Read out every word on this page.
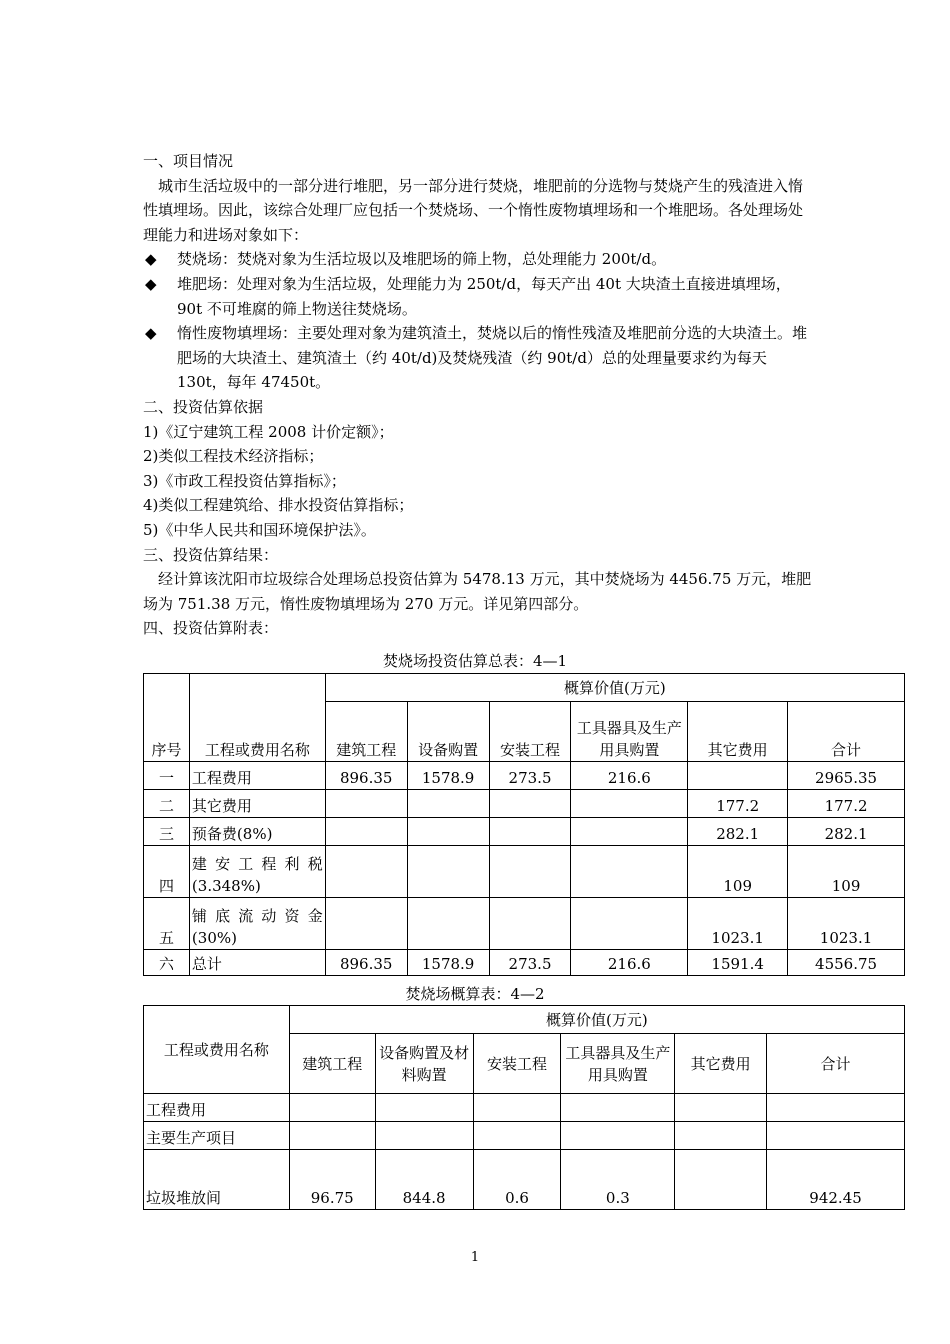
一、项目情况

城市生活垃圾中的一部分进行堆肥，另一部分进行焚烧，堆肥前的分选物与焚烧产生的残渣进入惰性填埋场。因此，该综合处理厂应包括一个焚烧场、一个惰性废物填埋场和一个堆肥场。各处理场处理能力和进场对象如下：

◆ 焚烧场：焚烧对象为生活垃圾以及堆肥场的筛上物，总处理能力 200t/d。

◆ 堆肥场：处理对象为生活垃圾，处理能力为 250t/d，每天产出 40t 大块渣土直接进填埋场，90t 不可堆腐的筛上物送往焚烧场。

◆ 惰性废物填埋场：主要处理对象为建筑渣土，焚烧以后的惰性残渣及堆肥前分选的大块渣土。堆肥场的大块渣土、建筑渣土（约 40t/d)及焚烧残渣（约 90t/d）总的处理量要求约为每天 130t，每年 47450t。

二、投资估算依据

1)《辽宁建筑工程 2008 计价定额》；

2)类似工程技术经济指标；

3)《市政工程投资估算指标》；

4)类似工程建筑给、排水投资估算指标；

5)《中华人民共和国环境保护法》。

三、投资估算结果：

经计算该沈阳市垃圾综合处理场总投资估算为 5478.13 万元，其中焚烧场为 4456.75 万元，堆肥场为 751.38 万元，惰性废物填埋场为 270 万元。详见第四部分。

四、投资估算附表：

焚烧场投资估算总表：4—1
序号	工程或费用名称	概算价值(万元)					
		建筑工程	设备购置	安装工程	工具器具及生产用具购置	其它费用	合计
一	工程费用	896.35	1578.9	273.5	216.6		2965.35
二	其它费用					177.2	177.2
三	预备费(8%)					282.1	282.1
四	建安工程利税
(3.348%)					109	109
五	铺底流动资金
(30%)					1023.1	1023.1
六	总计	896.35	1578.9	273.5	216.6	1591.4	4556.75
焚烧场概算表：4—2
工程或费用名称	概算价值(万元)					
	建筑工程	设备购置及材料购置	安装工程	工具器具及生产用具购置	其它费用	合计
工程费用						
主要生产项目						
垃圾堆放间	96.75	844.8	0.6	0.3		942.45
1
